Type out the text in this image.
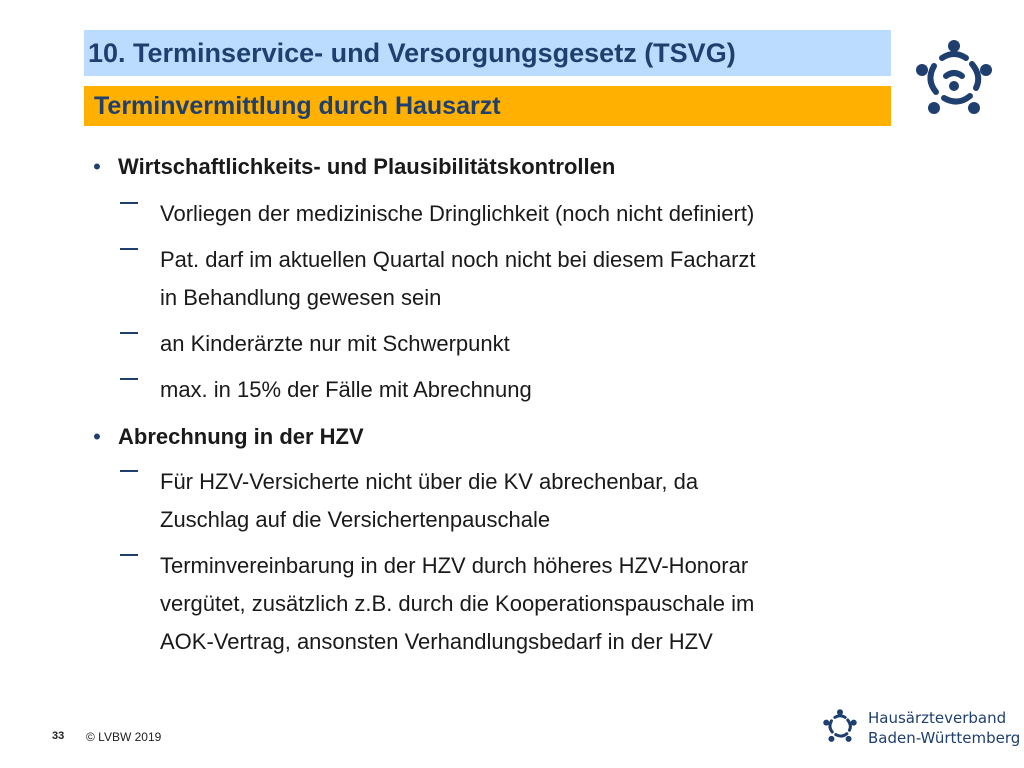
10. Terminservice- und Versorgungsgesetz (TSVG)
Terminvermittlung durch Hausarzt
• Wirtschaftlichkeits- und Plausibilitätskontrollen
Vorliegen der medizinische Dringlichkeit (noch nicht definiert)
Pat. darf im aktuellen Quartal noch nicht bei diesem Facharzt
in Behandlung gewesen sein
an Kinderärzte nur mit Schwerpunkt
max. in 15% der Fälle mit Abrechnung
• Abrechnung in der HZV
Für HZV-Versicherte nicht über die KV abrechenbar, da
Zuschlag auf die Versichertenpauschale
Terminvereinbarung in der HZV durch höheres HZV-Honorar
vergütet, zusätzlich z.B. durch die Kooperationspauschale im
AOK-Vertrag, ansonsten Verhandlungsbedarf in der HZV
33 © LVBW 2019
Hausärzteverband
Baden-Württemberg
